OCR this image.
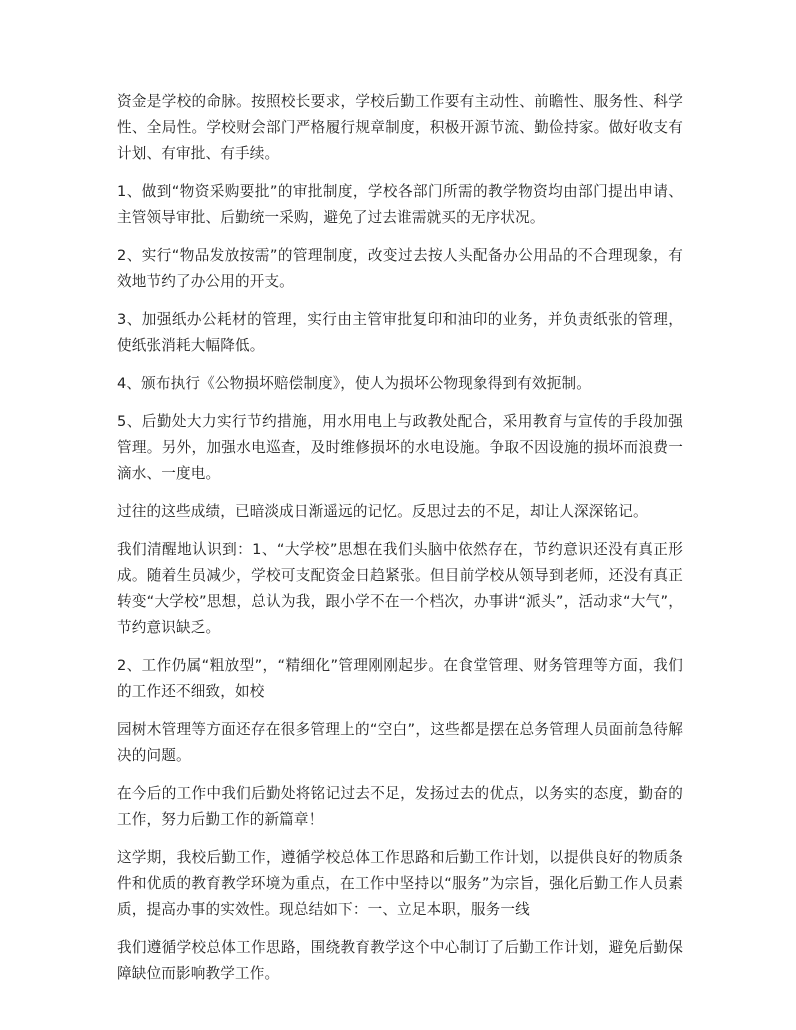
资金是学校的命脉。按照校长要求，学校后勤工作要有主动性、前瞻性、服务性、科学性、全局性。学校财会部门严格履行规章制度，积极开源节流、勤俭持家。做好收支有计划、有审批、有手续。

1、做到“物资采购要批”的审批制度，学校各部门所需的教学物资均由部门提出申请、主管领导审批、后勤统一采购，避免了过去谁需就买的无序状况。

2、实行“物品发放按需”的管理制度，改变过去按人头配备办公用品的不合理现象，有效地节约了办公用的开支。

3、加强纸办公耗材的管理，实行由主管审批复印和油印的业务，并负责纸张的管理，使纸张消耗大幅降低。

4、颁布执行《公物损坏赔偿制度》，使人为损坏公物现象得到有效扼制。

5、后勤处大力实行节约措施，用水用电上与政教处配合，采用教育与宣传的手段加强管理。另外，加强水电巡查，及时维修损坏的水电设施。争取不因设施的损坏而浪费一滴水、一度电。

过往的这些成绩，已暗淡成日渐遥远的记忆。反思过去的不足，却让人深深铭记。

我们清醒地认识到：1、“大学校”思想在我们头脑中依然存在，节约意识还没有真正形成。随着生员减少，学校可支配资金日趋紧张。但目前学校从领导到老师，还没有真正转变“大学校”思想，总认为我，跟小学不在一个档次，办事讲“派头”，活动求“大气”，节约意识缺乏。

2、工作仍属“粗放型”，“精细化”管理刚刚起步。在食堂管理、财务管理等方面，我们的工作还不细致，如校

园树木管理等方面还存在很多管理上的“空白”，这些都是摆在总务管理人员面前急待解决的问题。

在今后的工作中我们后勤处将铭记过去不足，发扬过去的优点，以务实的态度，勤奋的工作，努力后勤工作的新篇章！

这学期，我校后勤工作，遵循学校总体工作思路和后勤工作计划，以提供良好的物质条件和优质的教育教学环境为重点，在工作中坚持以“服务”为宗旨，强化后勤工作人员素质，提高办事的实效性。现总结如下：一、立足本职，服务一线

我们遵循学校总体工作思路，围绕教育教学这个中心制订了后勤工作计划，避免后勤保障缺位而影响教学工作。
